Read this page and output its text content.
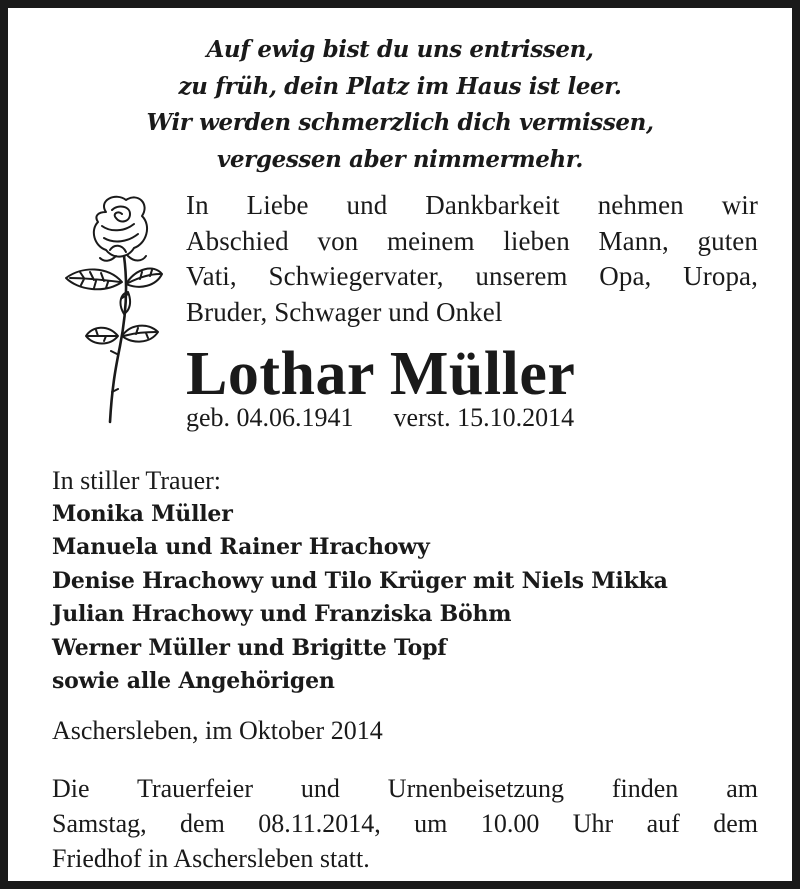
Auf ewig bist du uns entrissen,
zu früh, dein Platz im Haus ist leer.
Wir werden schmerzlich dich vermissen,
vergessen aber nimmermehr.
In Liebe und Dankbarkeit nehmen wir
Abschied von meinem lieben Mann, guten
Vati, Schwiegervater, unserem Opa, Uropa,
Bruder, Schwager und Onkel
Lothar Müller
geb. 04.06.1941 verst. 15.10.2014
In stiller Trauer:
Monika Müller
Manuela und Rainer Hrachowy
Denise Hrachowy und Tilo Krüger mit Niels Mikka
Julian Hrachowy und Franziska Böhm
Werner Müller und Brigitte Topf
sowie alle Angehörigen
Aschersleben, im Oktober 2014
Die Trauerfeier und Urnenbeisetzung finden am
Samstag, dem 08.11.2014, um 10.00 Uhr auf dem
Friedhof in Aschersleben statt.
